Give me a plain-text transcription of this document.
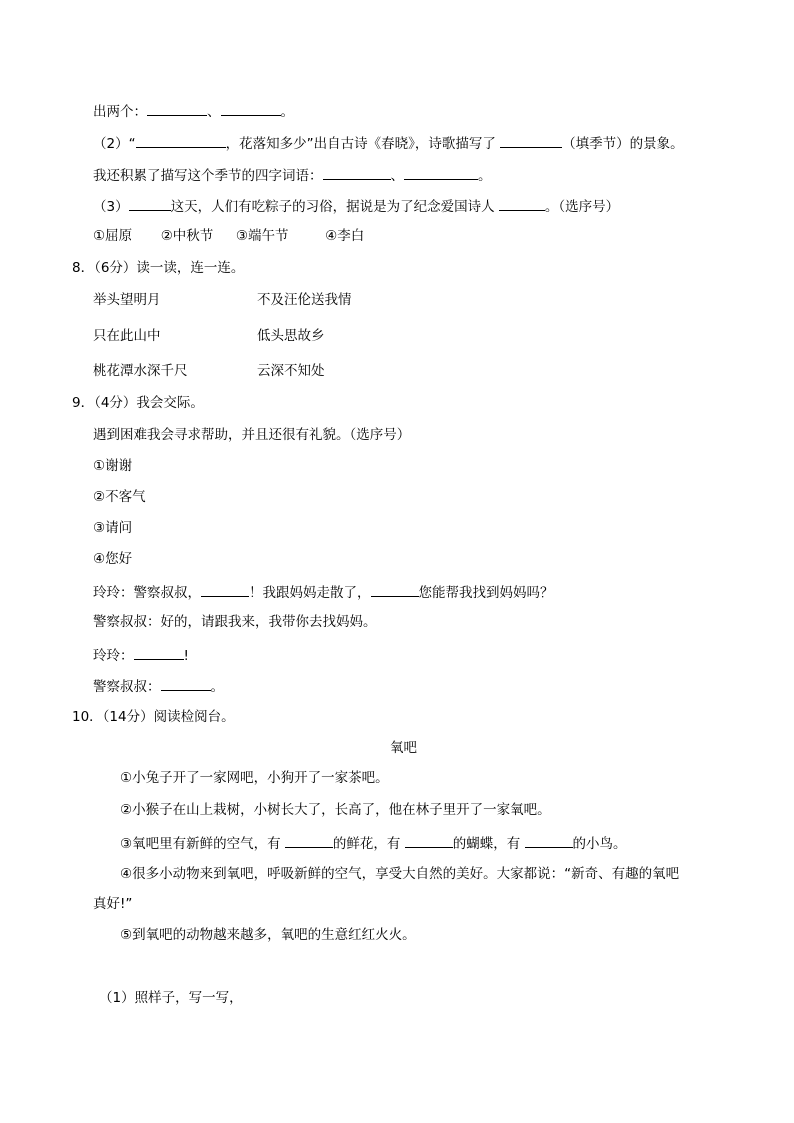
出两个：	、	。
（2）“	，花落知多少”出自古诗《春晓》，诗歌描写了	（填季节）的景象。
我还积累了描写这个季节的四字词语：	、	。
（3）	这天，人们有吃粽子的习俗，据说是为了纪念爱国诗人	。（选序号）
①屈原 ②中秋节 ③端午节	④李白
8．（6分）读一读，连一连。
举头望明月	不及汪伦送我情
只在此山中	低头思故乡
桃花潭水深千尺	云深不知处
9．（4分）我会交际。
遇到困难我会寻求帮助，并且还很有礼貌。（选序号）
①谢谢
②不客气
③请问
④您好
玲玲：警察叔叔，	！我跟妈妈走散了，	您能帮我找到妈妈吗？
警察叔叔：好的，请跟我来，我带你去找妈妈。
玲玲：	!
警察叔叔：	。
10．（14分）阅读检阅台。
氧吧
①小兔子开了一家网吧，小狗开了一家茶吧。
②小猴子在山上栽树，小树长大了，长高了，他在林子里开了一家氧吧。
③氧吧里有新鲜的空气，有	的鲜花，有	的蝴蝶，有	的小鸟。
④很多小动物来到氧吧，呼吸新鲜的空气，享受大自然的美好。大家都说：“新奇、有趣的氧吧
真好!”
⑤到氧吧的动物越来越多，氧吧的生意红红火火。
（1）照样子，写一写，
